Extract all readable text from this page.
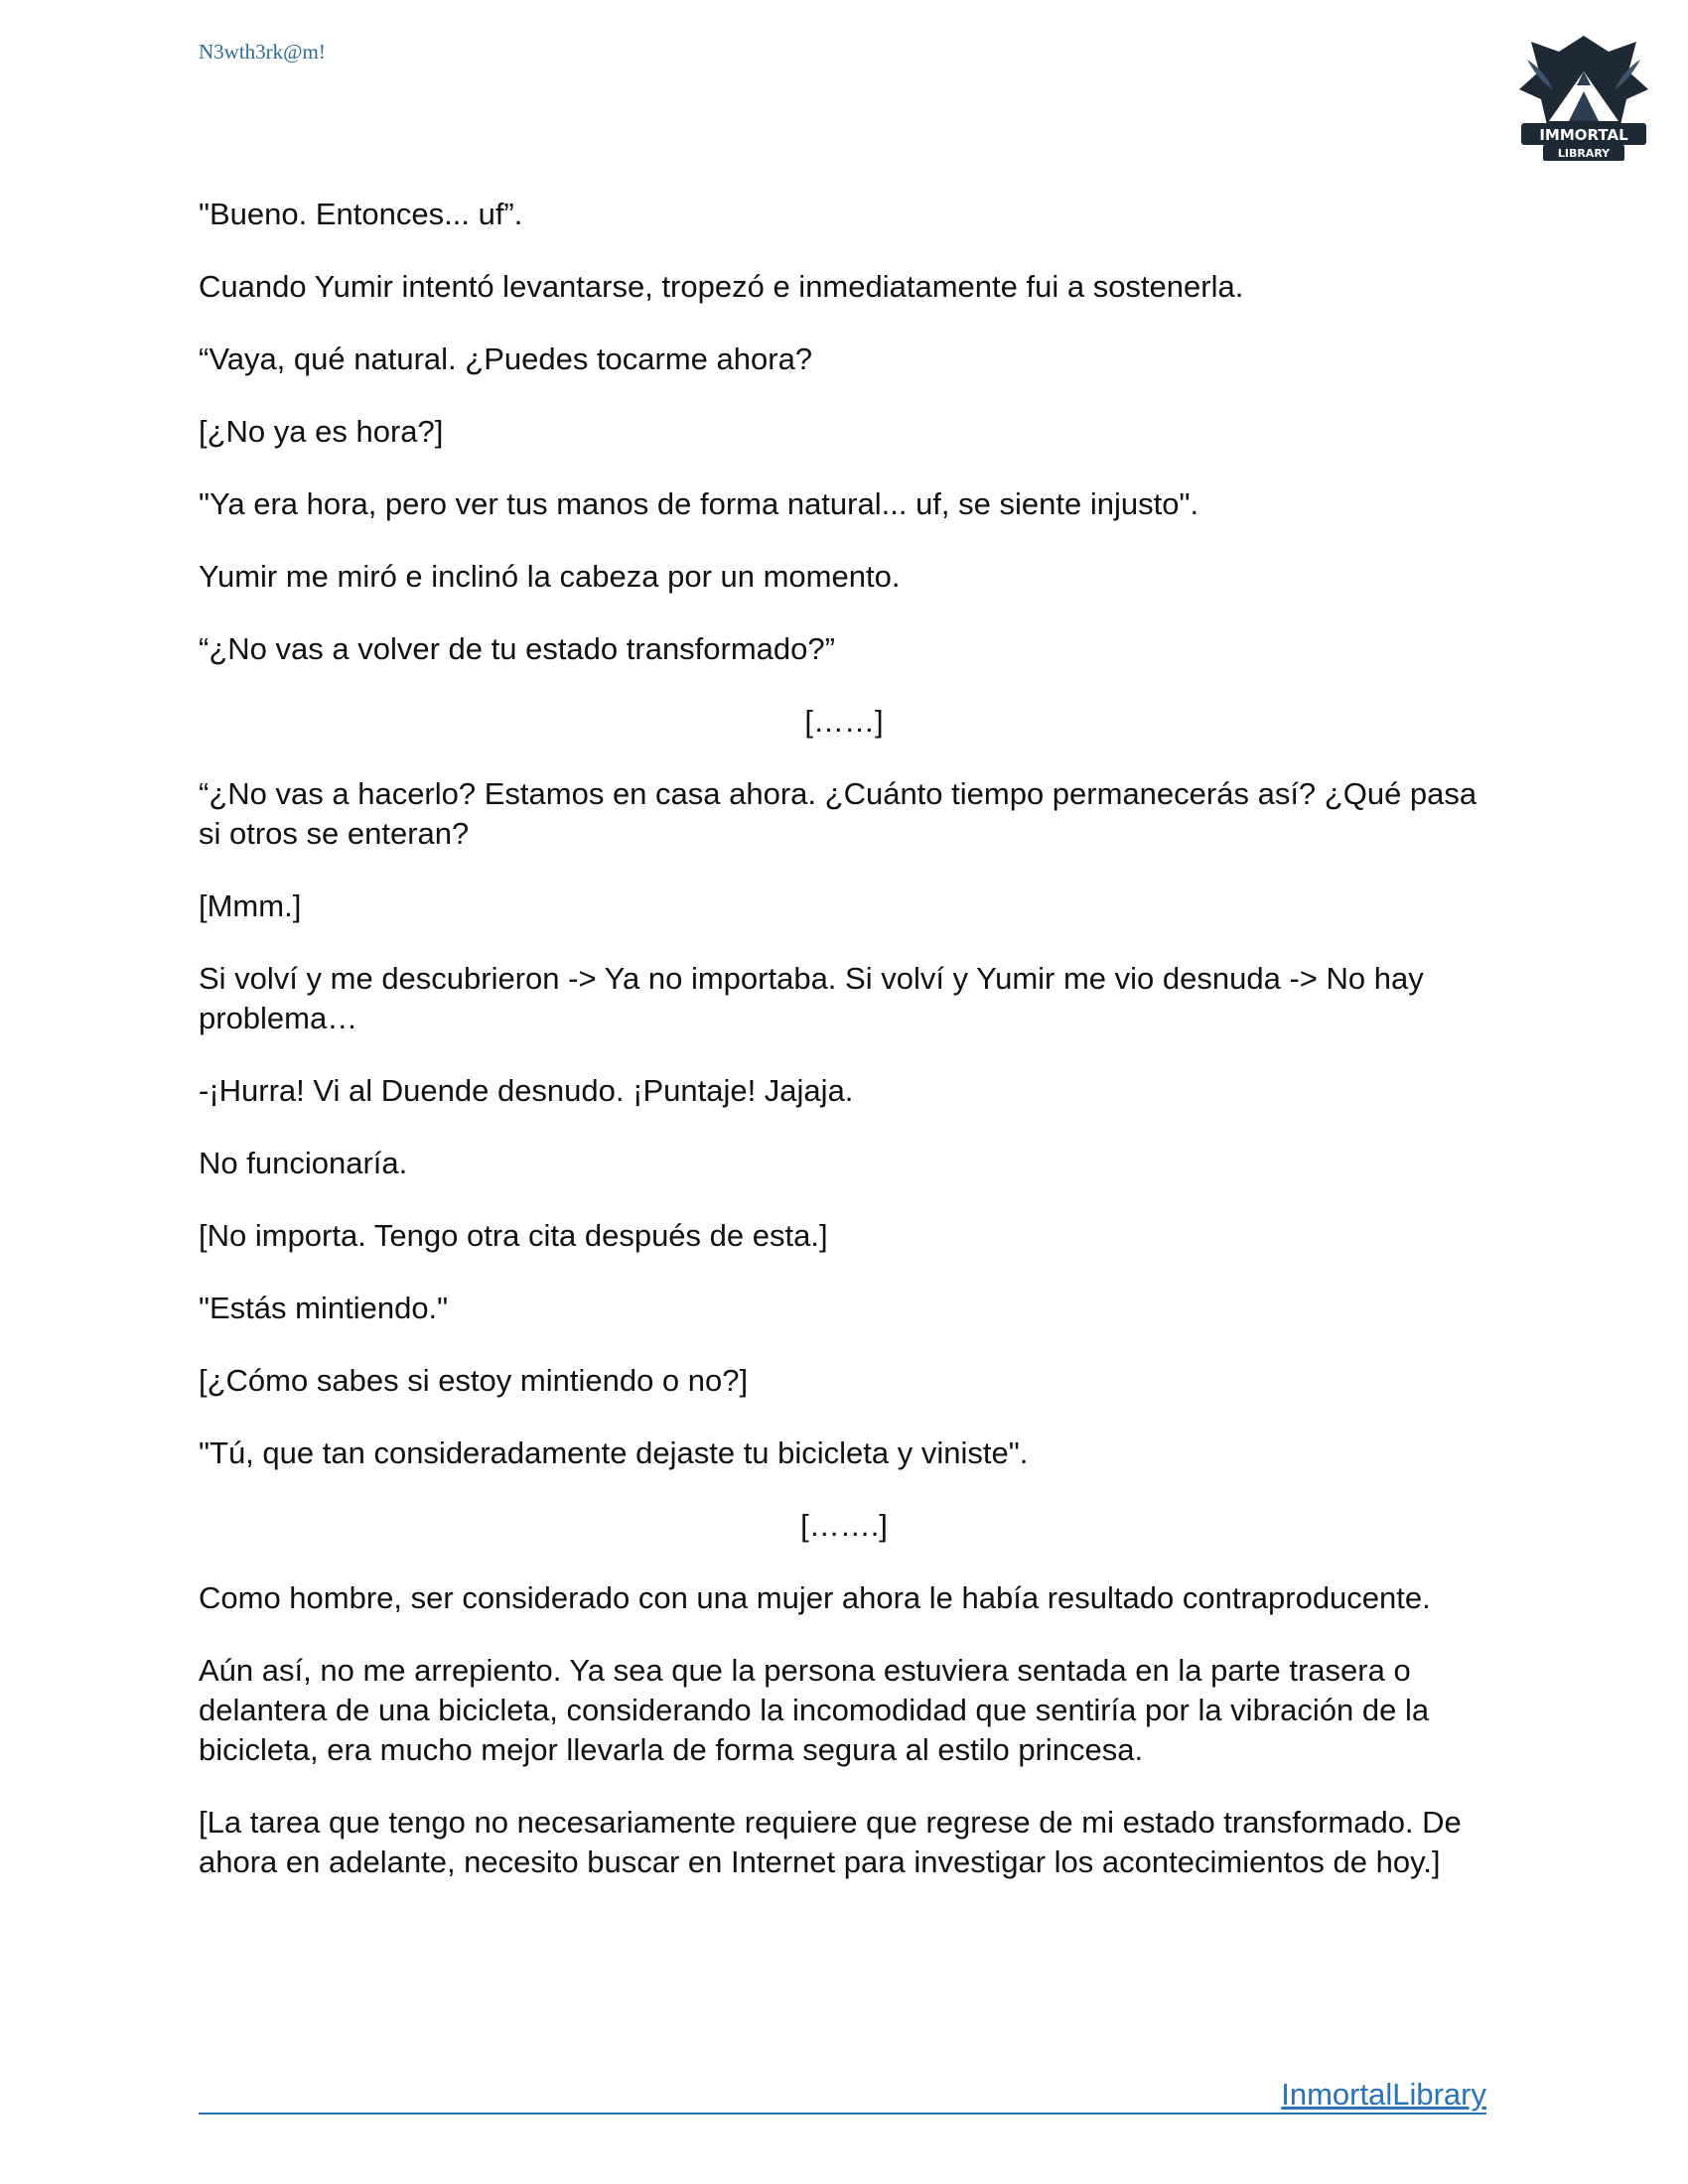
N3wth3rk@m!
IMMORTAL
LIBRARY

"Bueno. Entonces... uf”.

Cuando Yumir intentó levantarse, tropezó e inmediatamente fui a sostenerla.

“Vaya, qué natural. ¿Puedes tocarme ahora?

[¿No ya es hora?]

"Ya era hora, pero ver tus manos de forma natural... uf, se siente injusto".

Yumir me miró e inclinó la cabeza por un momento.

“¿No vas a volver de tu estado transformado?”

[……]

“¿No vas a hacerlo? Estamos en casa ahora. ¿Cuánto tiempo permanecerás así? ¿Qué pasa si otros se enteran?

[Mmm.]

Si volví y me descubrieron -> Ya no importaba. Si volví y Yumir me vio desnuda -> No hay problema…

-¡Hurra! Vi al Duende desnudo. ¡Puntaje! Jajaja.

No funcionaría.

[No importa. Tengo otra cita después de esta.]

"Estás mintiendo."

[¿Cómo sabes si estoy mintiendo o no?]

"Tú, que tan consideradamente dejaste tu bicicleta y viniste".

[…….]

Como hombre, ser considerado con una mujer ahora le había resultado contraproducente.

Aún así, no me arrepiento. Ya sea que la persona estuviera sentada en la parte trasera o delantera de una bicicleta, considerando la incomodidad que sentiría por la vibración de la bicicleta, era mucho mejor llevarla de forma segura al estilo princesa.

[La tarea que tengo no necesariamente requiere que regrese de mi estado transformado. De ahora en adelante, necesito buscar en Internet para investigar los acontecimientos de hoy.]

InmortalLibrary
